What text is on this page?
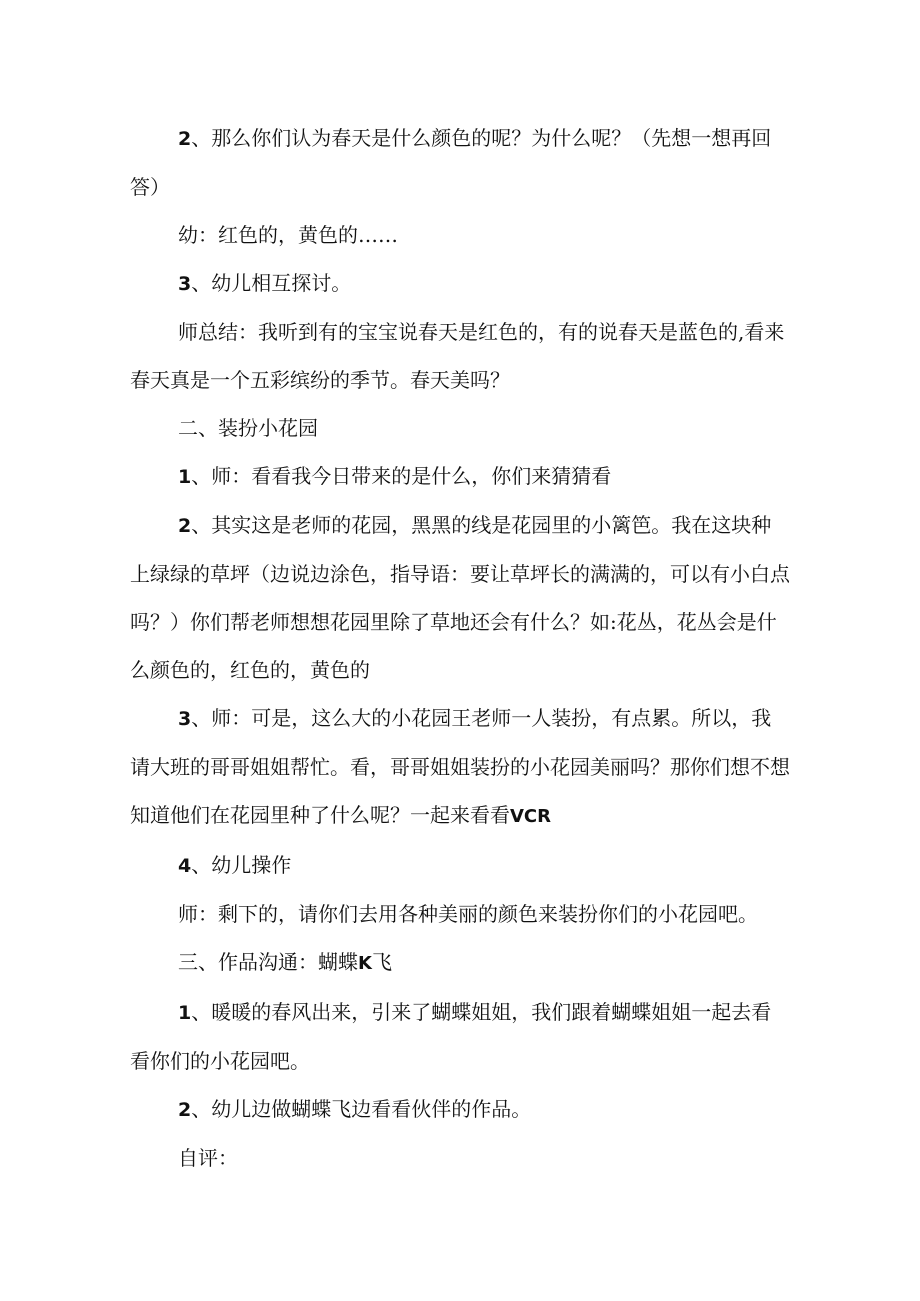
2、那么你们认为春天是什么颜色的呢？为什么呢？（先想一想再回答）

幼：红色的，黄色的……

3、幼儿相互探讨。

师总结：我听到有的宝宝说春天是红色的，有的说春天是蓝色的,看来春天真是一个五彩缤纷的季节。春天美吗？

二、装扮小花园

1、师：看看我今日带来的是什么，你们来猜猜看

2、其实这是老师的花园，黑黑的线是花园里的小篱笆。我在这块种上绿绿的草坪（边说边涂色，指导语：要让草坪长的满满的，可以有小白点吗？）你们帮老师想想花园里除了草地还会有什么？如:花丛，花丛会是什么颜色的，红色的，黄色的

3、师：可是，这么大的小花园王老师一人装扮，有点累。所以，我请大班的哥哥姐姐帮忙。看，哥哥姐姐装扮的小花园美丽吗？那你们想不想知道他们在花园里种了什么呢？一起来看看VCR

4、幼儿操作

师：剩下的，请你们去用各种美丽的颜色来装扮你们的小花园吧。

三、作品沟通：蝴蝶K飞

1、暖暖的春风出来，引来了蝴蝶姐姐，我们跟着蝴蝶姐姐一起去看看你们的小花园吧。

2、幼儿边做蝴蝶飞边看看伙伴的作品。

自评：
